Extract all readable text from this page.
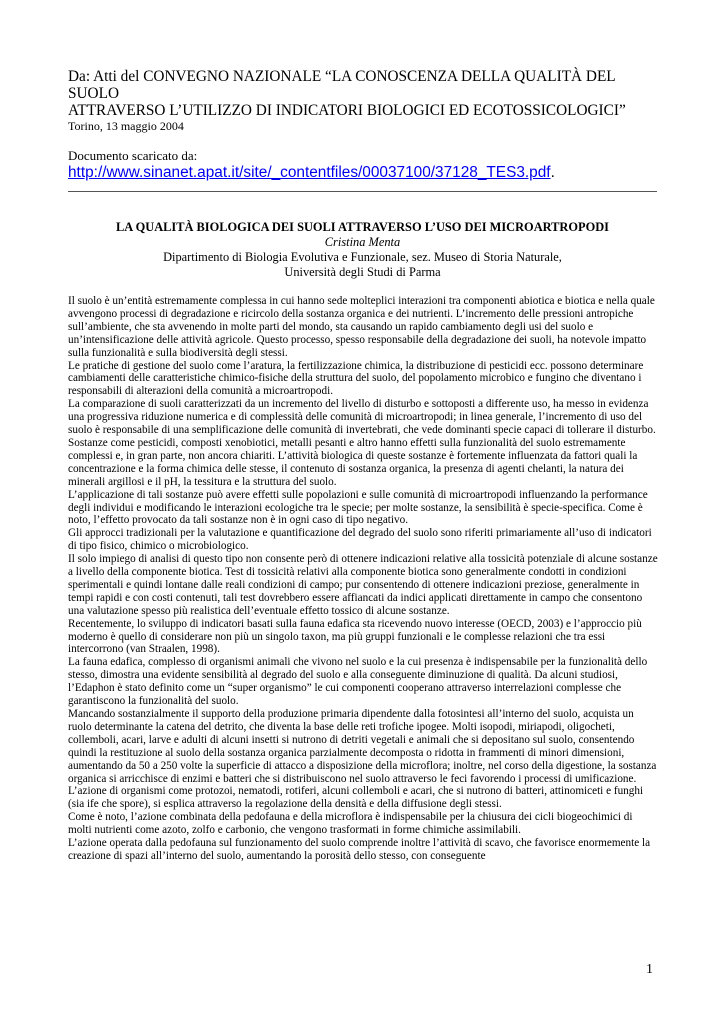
Da: Atti del CONVEGNO NAZIONALE “LA CONOSCENZA DELLA QUALITÀ DEL SUOLO

ATTRAVERSO L’UTILIZZO DI INDICATORI BIOLOGICI ED ECOTOSSICOLOGICI”

Torino, 13 maggio 2004

Documento scaricato da:

http://www.sinanet.apat.it/site/_contentfiles/00037100/37128_TES3.pdf.

LA QUALITÀ BIOLOGICA DEI SUOLI ATTRAVERSO L’USO DEI MICROARTROPODI

Cristina Menta

Dipartimento di Biologia Evolutiva e Funzionale, sez. Museo di Storia Naturale,

Università degli Studi di Parma

Il suolo è un’entità estremamente complessa in cui hanno sede molteplici interazioni tra componenti abiotica e biotica e nella quale avvengono processi di degradazione e ricircolo della sostanza organica e dei nutrienti. L’incremento delle pressioni antropiche sull’ambiente, che sta avvenendo in molte parti del mondo, sta causando un rapido cambiamento degli usi del suolo e un’intensificazione delle attività agricole. Questo processo, spesso responsabile della degradazione dei suoli, ha notevole impatto sulla funzionalità e sulla biodiversità degli stessi.

Le pratiche di gestione del suolo come l’aratura, la fertilizzazione chimica, la distribuzione di pesticidi ecc. possono determinare cambiamenti delle caratteristiche chimico-fisiche della struttura del suolo, del popolamento microbico e fungino che diventano i responsabili di alterazioni della comunità a microartropodi.

La comparazione di suoli caratterizzati da un incremento del livello di disturbo e sottoposti a differente uso, ha messo in evidenza una progressiva riduzione numerica e di complessità delle comunità di microartropodi; in linea generale, l’incremento di uso del suolo è responsabile di una semplificazione delle comunità di invertebrati, che vede dominanti specie capaci di tollerare il disturbo.

Sostanze come pesticidi, composti xenobiotici, metalli pesanti e altro hanno effetti sulla funzionalità del suolo estremamente complessi e, in gran parte, non ancora chiariti. L’attività biologica di queste sostanze è fortemente influenzata da fattori quali la concentrazione e la forma chimica delle stesse, il contenuto di sostanza organica, la presenza di agenti chelanti, la natura dei minerali argillosi e il pH, la tessitura e la struttura del suolo.

L’applicazione di tali sostanze può avere effetti sulle popolazioni e sulle comunità di microartropodi influenzando la performance degli individui e modificando le interazioni ecologiche tra le specie; per molte sostanze, la sensibilità è specie-specifica. Come è noto, l’effetto provocato da tali sostanze non è in ogni caso di tipo negativo.

Gli approcci tradizionali per la valutazione e quantificazione del degrado del suolo sono riferiti primariamente all’uso di indicatori di tipo fisico, chimico o microbiologico.

Il solo impiego di analisi di questo tipo non consente però di ottenere indicazioni relative alla tossicità potenziale di alcune sostanze a livello della componente biotica. Test di tossicità relativi alla componente biotica sono generalmente condotti in condizioni sperimentali e quindi lontane dalle reali condizioni di campo; pur consentendo di ottenere indicazioni preziose, generalmente in tempi rapidi e con costi contenuti, tali test dovrebbero essere affiancati da indici applicati direttamente in campo che consentono una valutazione spesso più realistica dell’eventuale effetto tossico di alcune sostanze.

Recentemente, lo sviluppo di indicatori basati sulla fauna edafica sta ricevendo nuovo interesse (OECD, 2003) e l’approccio più moderno è quello di considerare non più un singolo taxon, ma più gruppi funzionali e le complesse relazioni che tra essi intercorrono (van Straalen, 1998).

La fauna edafica, complesso di organismi animali che vivono nel suolo e la cui presenza è indispensabile per la funzionalità dello stesso, dimostra una evidente sensibilità al degrado del suolo e alla conseguente diminuzione di qualità. Da alcuni studiosi, l’Edaphon è stato definito come un “super organismo” le cui componenti cooperano attraverso interrelazioni complesse che garantiscono la funzionalità del suolo.

Mancando sostanzialmente il supporto della produzione primaria dipendente dalla fotosintesi all’interno del suolo, acquista un ruolo determinante la catena del detrito, che diventa la base delle reti trofiche ipogee. Molti isopodi, miriapodi, oligocheti, collemboli, acari, larve e adulti di alcuni insetti si nutrono di detriti vegetali e animali che si depositano sul suolo, consentendo quindi la restituzione al suolo della sostanza organica parzialmente decomposta o ridotta in frammenti di minori dimensioni, aumentando da 50 a 250 volte la superficie di attacco a disposizione della microflora; inoltre, nel corso della digestione, la sostanza organica si arricchisce di enzimi e batteri che si distribuiscono nel suolo attraverso le feci favorendo i processi di umificazione.

L’azione di organismi come protozoi, nematodi, rotiferi, alcuni collemboli e acari, che si nutrono di batteri, attinomiceti e funghi (sia ife che spore), si esplica attraverso la regolazione della densità e della diffusione degli stessi.

Come è noto, l’azione combinata della pedofauna e della microflora è indispensabile per la chiusura dei cicli biogeochimici di molti nutrienti come azoto, zolfo e carbonio, che vengono trasformati in forme chimiche assimilabili.

L’azione operata dalla pedofauna sul funzionamento del suolo comprende inoltre l’attività di scavo, che favorisce enormemente la creazione di spazi all’interno del suolo, aumentando la porosità dello stesso, con conseguente

1
